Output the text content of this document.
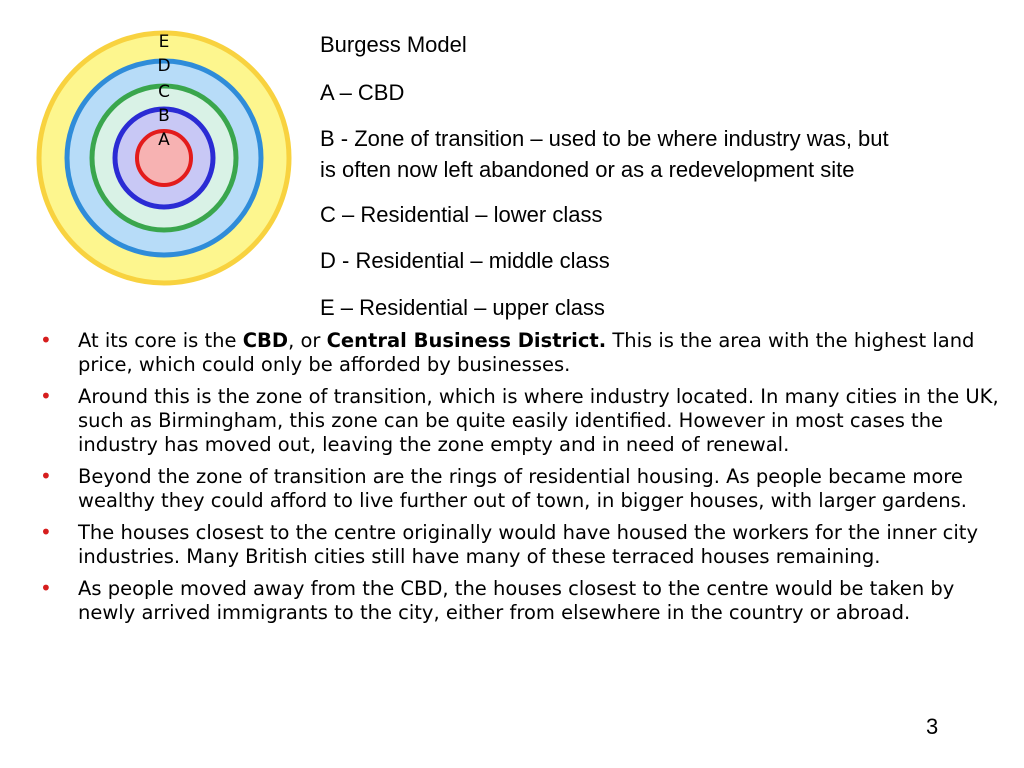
E
D
C
B
A
Burgess Model
A – CBD
B - Zone of transition – used to be where industry was, but
is often now left abandoned or as a redevelopment site
C – Residential – lower class
D - Residential – middle class
E – Residential – upper class
• At its core is the CBD, or Central Business District. This is the area with the highest land price, which could only be afforded by businesses.
• Around this is the zone of transition, which is where industry located. In many cities in the UK, such as Birmingham, this zone can be quite easily identified. However in most cases the industry has moved out, leaving the zone empty and in need of renewal.
• Beyond the zone of transition are the rings of residential housing. As people became more wealthy they could afford to live further out of town, in bigger houses, with larger gardens.
• The houses closest to the centre originally would have housed the workers for the inner city industries. Many British cities still have many of these terraced houses remaining.
• As people moved away from the CBD, the houses closest to the centre would be taken by newly arrived immigrants to the city, either from elsewhere in the country or abroad.
3
